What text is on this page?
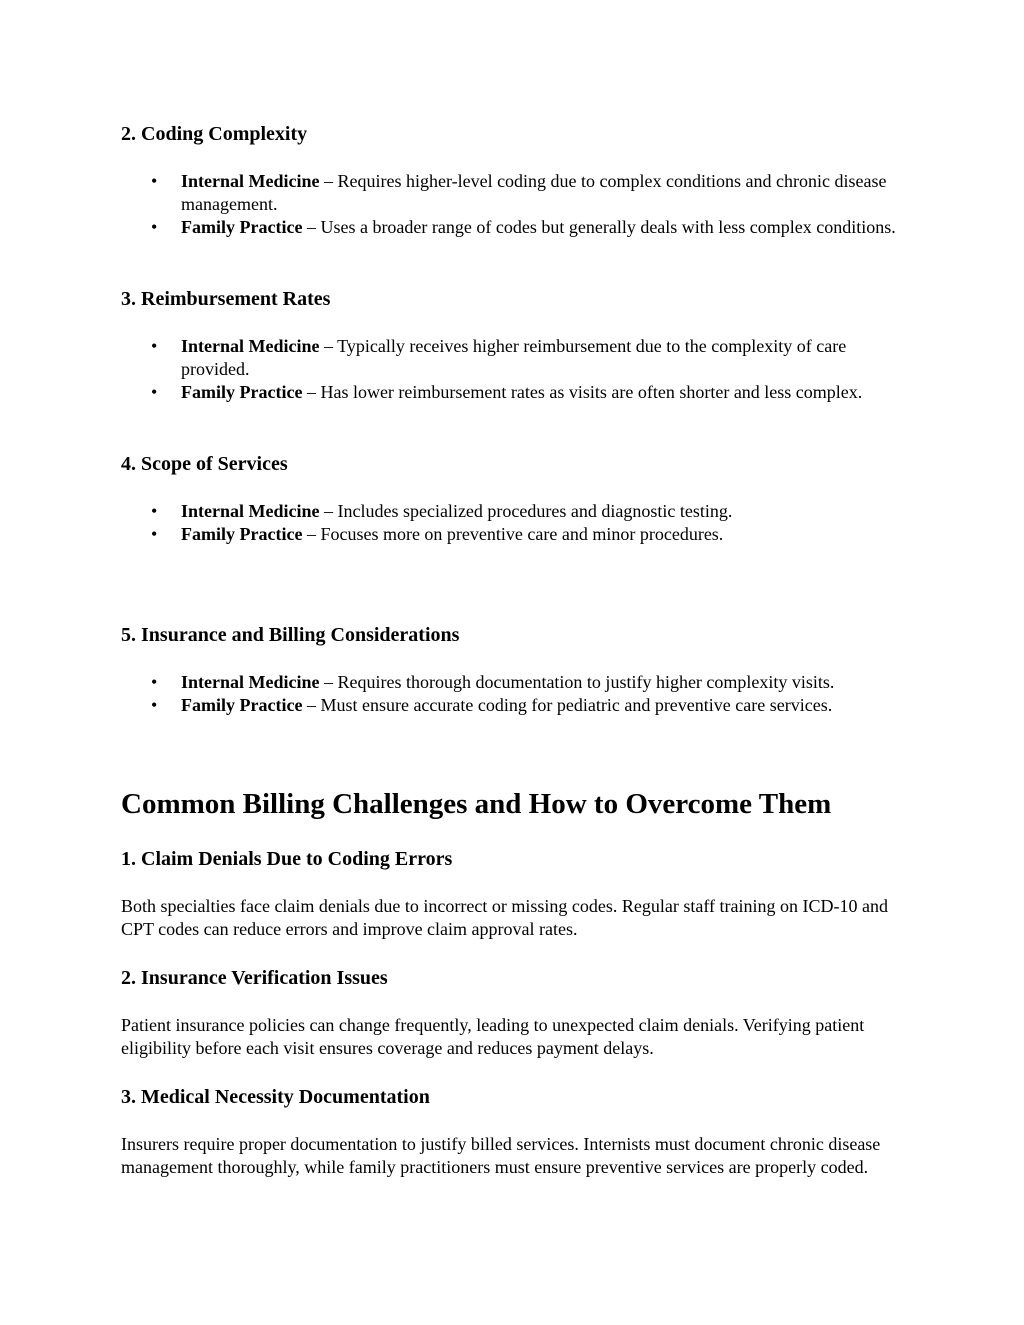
2. Coding Complexity
• Internal Medicine – Requires higher-level coding due to complex conditions and chronic disease management.
• Family Practice – Uses a broader range of codes but generally deals with less complex conditions.
3. Reimbursement Rates
• Internal Medicine – Typically receives higher reimbursement due to the complexity of care provided.
• Family Practice – Has lower reimbursement rates as visits are often shorter and less complex.
4. Scope of Services
• Internal Medicine – Includes specialized procedures and diagnostic testing.
• Family Practice – Focuses more on preventive care and minor procedures.
5. Insurance and Billing Considerations
• Internal Medicine – Requires thorough documentation to justify higher complexity visits.
• Family Practice – Must ensure accurate coding for pediatric and preventive care services.
Common Billing Challenges and How to Overcome Them
1. Claim Denials Due to Coding Errors

Both specialties face claim denials due to incorrect or missing codes. Regular staff training on ICD-10 and CPT codes can reduce errors and improve claim approval rates.

2. Insurance Verification Issues

Patient insurance policies can change frequently, leading to unexpected claim denials. Verifying patient eligibility before each visit ensures coverage and reduces payment delays.

3. Medical Necessity Documentation

Insurers require proper documentation to justify billed services. Internists must document chronic disease management thoroughly, while family practitioners must ensure preventive services are properly coded.
